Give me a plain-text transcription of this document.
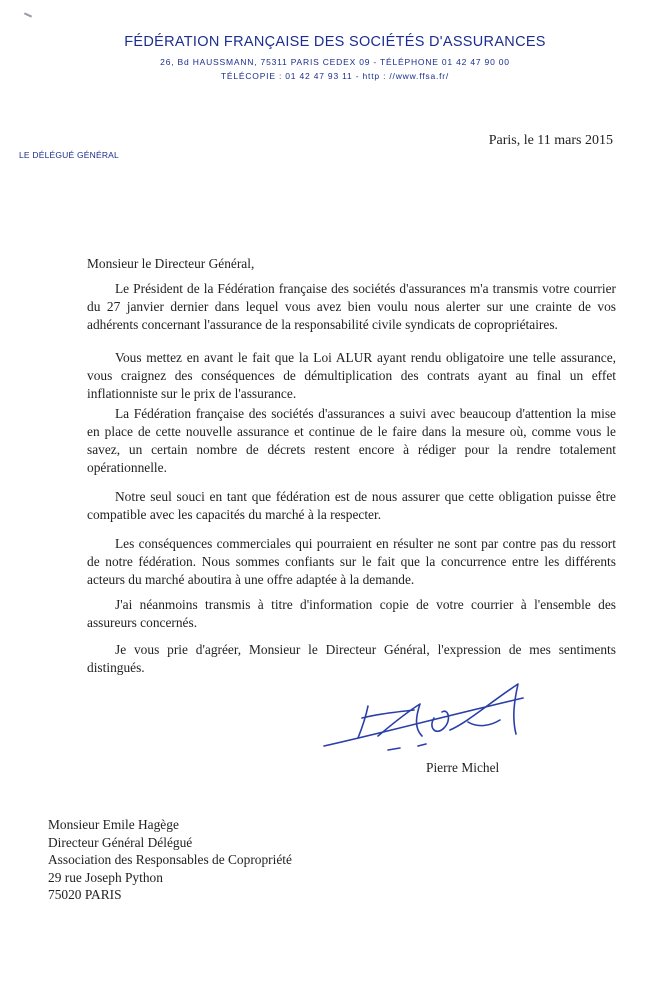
FÉDÉRATION FRANÇAISE DES SOCIÉTÉS D'ASSURANCES
26, Bd HAUSSMANN, 75311 PARIS CEDEX 09 - TÉLÉPHONE 01 42 47 90 00
TÉLÉCOPIE : 01 42 47 93 11 - http : //www.ffsa.fr/
LE DÉLÉGUÉ GÉNÉRAL
Paris, le 11 mars 2015
Monsieur le Directeur Général,
Le Président de la Fédération française des sociétés d'assurances m'a transmis votre courrier du 27 janvier dernier dans lequel vous avez bien voulu nous alerter sur une crainte de vos adhérents concernant l'assurance de la responsabilité civile syndicats de copropriétaires.
Vous mettez en avant le fait que la Loi ALUR ayant rendu obligatoire une telle assurance, vous craignez des conséquences de démultiplication des contrats ayant au final un effet inflationniste sur le prix de l'assurance.
La Fédération française des sociétés d'assurances a suivi avec beaucoup d'attention la mise en place de cette nouvelle assurance et continue de le faire dans la mesure où, comme vous le savez, un certain nombre de décrets restent encore à rédiger pour la rendre totalement opérationnelle.
Notre seul souci en tant que fédération est de nous assurer que cette obligation puisse être compatible avec les capacités du marché à la respecter.
Les conséquences commerciales qui pourraient en résulter ne sont par contre pas du ressort de notre fédération. Nous sommes confiants sur le fait que la concurrence entre les différents acteurs du marché aboutira à une offre adaptée à la demande.
J'ai néanmoins transmis à titre d'information copie de votre courrier à l'ensemble des assureurs concernés.
Je vous prie d'agréer, Monsieur le Directeur Général, l'expression de mes sentiments distingués.
Pierre Michel
Monsieur Emile Hagège
Directeur Général Délégué
Association des Responsables de Copropriété
29 rue Joseph Python
75020 PARIS
